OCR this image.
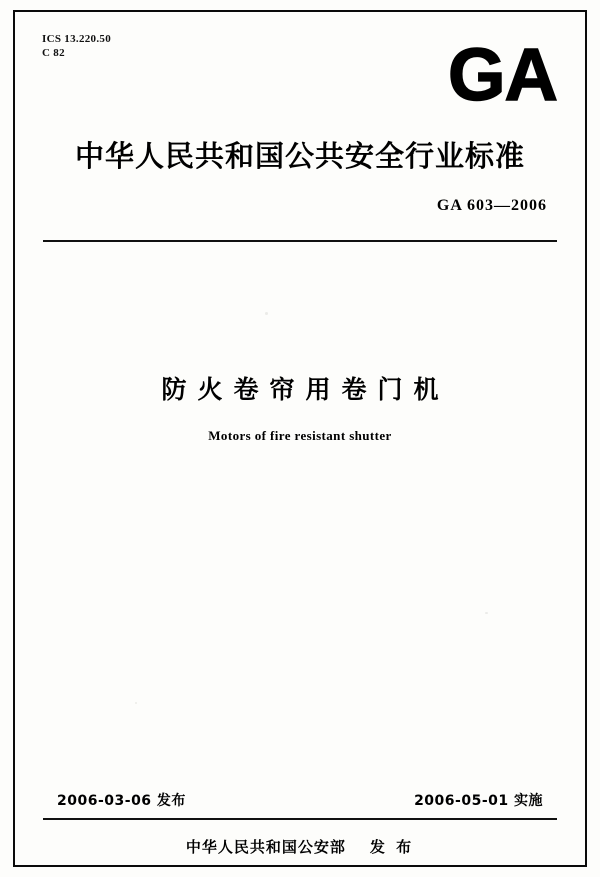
ICS 13.220.50
C 82	GA
中华人民共和国公共安全行业标准
GA 603—2006
防火卷帘用卷门机
Motors of fire resistant shutter
2006-03-06 发布	2006-05-01 实施
中华人民共和国公安部 发 布
